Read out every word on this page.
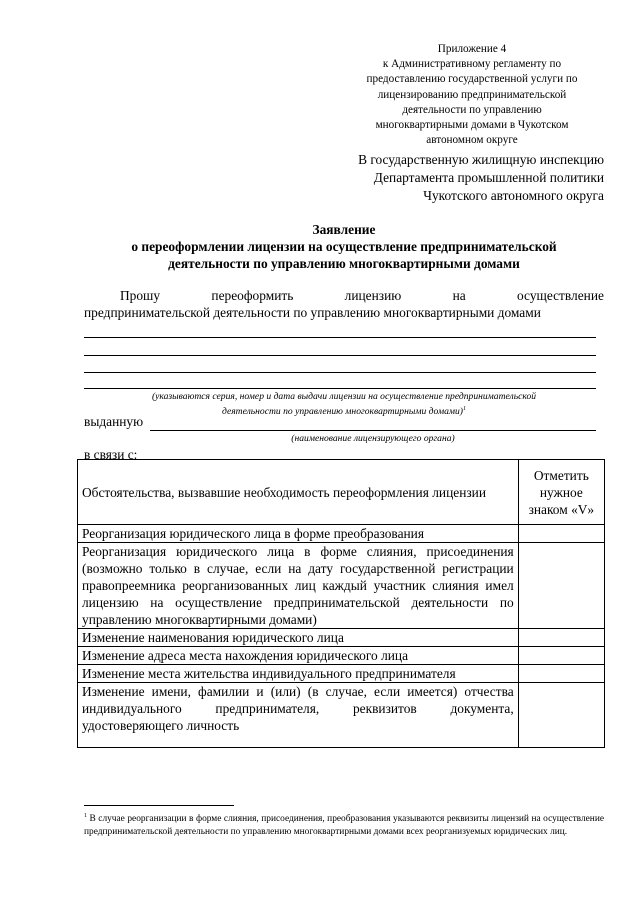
Приложение 4
к Административному регламенту по
предоставлению государственной услуги по
лицензированию предпринимательской
деятельности по управлению
многоквартирными домами в Чукотском
автономном округе
В государственную жилищную инспекцию
Департамента промышленной политики
Чукотского автономного округа
Заявление
о переоформлении лицензии на осуществление предпринимательской
деятельности по управлению многоквартирными домами
Прошу	переоформить	лицензию	на	осуществление
предпринимательской деятельности по управлению многоквартирными домами
(указываются серия, номер и дата выдачи лицензии на осуществление предпринимательской
деятельности по управлению многоквартирными домами)$^1$
выданную
(наименование лицензирующего органа)
в связи с:
Обстоятельства, вызвавшие необходимость переоформления лицензии	Отметить нужное знаком «V»
Реорганизация юридического лица в форме преобразования	
Реорганизация юридического лица в форме слияния, присоединения (возможно только в случае, если на дату государственной регистрации правопреемника реорганизованных лиц каждый участник слияния имел лицензию на осуществление предпринимательской деятельности по управлению многоквартирными домами)	
Изменение наименования юридического лица	
Изменение адреса места нахождения юридического лица	
Изменение места жительства индивидуального предпринимателя	
Изменение имени, фамилии и (или) (в случае, если имеется) отчества индивидуального предпринимателя, реквизитов документа, удостоверяющего личность	
$^1$ В случае реорганизации в форме слияния, присоединения, преобразования указываются реквизиты лицензий на осуществление предпринимательской деятельности по управлению многоквартирными домами всех реорганизуемых юридических лиц.
